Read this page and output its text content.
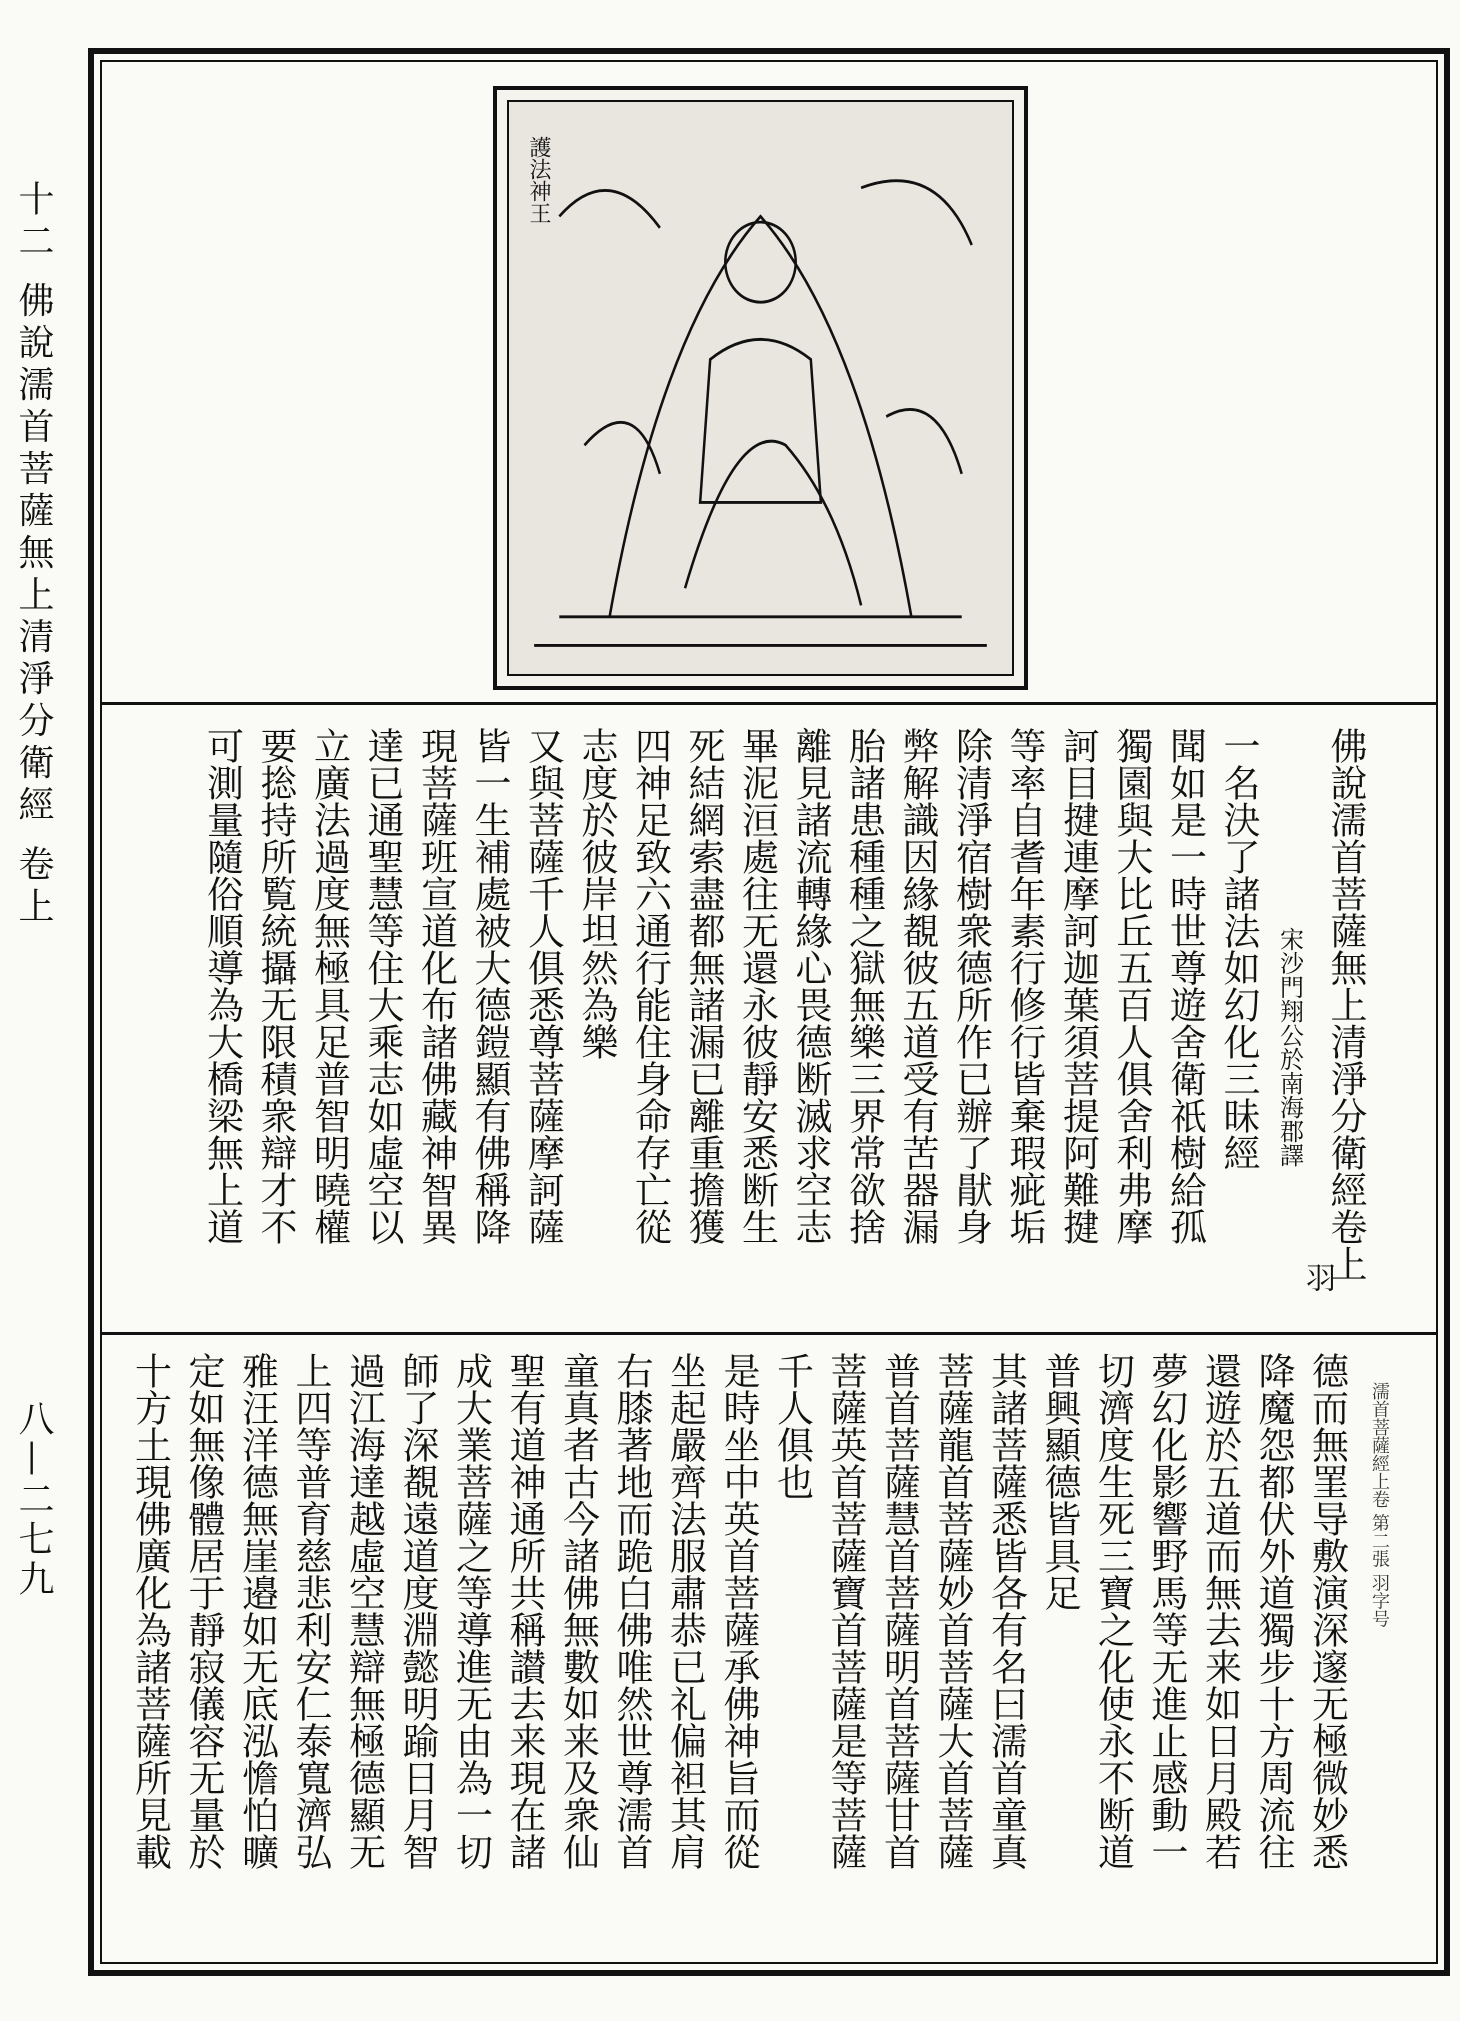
十二 佛說濡首菩薩無上清淨分衛經 卷上
八—二七九
護法神王
佛說濡首菩薩無上清淨分衛經卷上
宋沙門翔公於南海郡譯
一名決了諸法如幻化三昧經
聞如是一時世尊遊舍衛祇樹給孤
獨園與大比丘五百人俱舍利弗摩
訶目揵連摩訶迦葉須菩提阿難揵
等率自耆年素行修行皆棄瑕疵垢
除清淨宿樹衆德所作已辦了猒身
弊解識因緣覩彼五道受有苦器漏
胎諸患種種之獄無樂三界常欲捨
離見諸流轉緣心畏德断滅求空志
畢泥洹處往无還永彼靜安悉断生
死結網索盡都無諸漏已離重擔獲
四神足致六通行能住身命存亡從
志度於彼岸坦然為樂
又與菩薩千人俱悉尊菩薩摩訶薩
皆一生補處被大德鎧顯有佛稱降
現菩薩班宣道化布諸佛藏神智異
達已通聖慧等住大乘志如虛空以
立廣法過度無極具足普智明曉權
要捴持所覧統攝无限積衆辯才不
可測量隨俗順導為大橋梁無上道
羽
濡首菩薩經上卷 第二張 羽字号
德而無罣导敷演深邃无極微妙悉
降魔怨都伏外道獨步十方周流往
還遊於五道而無去来如日月殿若
夢幻化影響野馬等无進止感動一
切濟度生死三寶之化使永不断道
普興顯德皆具足
其諸菩薩悉皆各有名曰濡首童真
菩薩龍首菩薩妙首菩薩大首菩薩
普首菩薩慧首菩薩明首菩薩甘首
菩薩英首菩薩寶首菩薩是等菩薩
千人俱也
是時坐中英首菩薩承佛神旨而從
坐起嚴齊法服肅恭已礼偏袒其肩
右膝著地而跪白佛唯然世尊濡首
童真者古今諸佛無數如来及衆仙
聖有道神通所共稱讃去来現在諸
成大業菩薩之等導進无由為一切
師了深覩遠道度淵懿明踰日月智
過江海達越虛空慧辯無極德顯无
上四等普育慈悲利安仁泰寬濟弘
雅汪洋德無崖邉如无底泓憺怕曠
定如無像體居于靜寂儀容无量於
十方土現佛廣化為諸菩薩所見載
